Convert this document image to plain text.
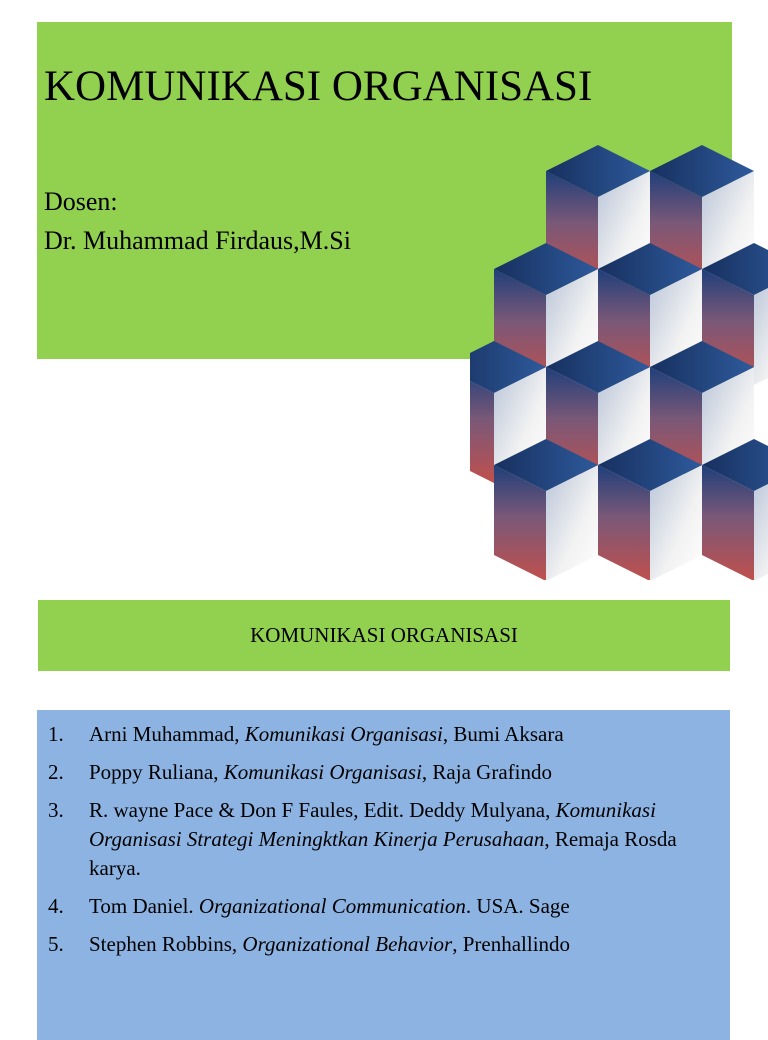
KOMUNIKASI ORGANISASI
Dosen:
Dr. Muhammad Firdaus,M.Si
KOMUNIKASI ORGANISASI
1.	Arni Muhammad, Komunikasi Organisasi, Bumi Aksara
2.	Poppy Ruliana, Komunikasi Organisasi, Raja Grafindo
3.	R. wayne Pace & Don F Faules, Edit. Deddy Mulyana, Komunikasi Organisasi Strategi Meningktkan Kinerja Perusahaan, Remaja Rosda karya.
4.	Tom Daniel. Organizational Communication. USA. Sage
5.	Stephen Robbins, Organizational Behavior, Prenhallindo
